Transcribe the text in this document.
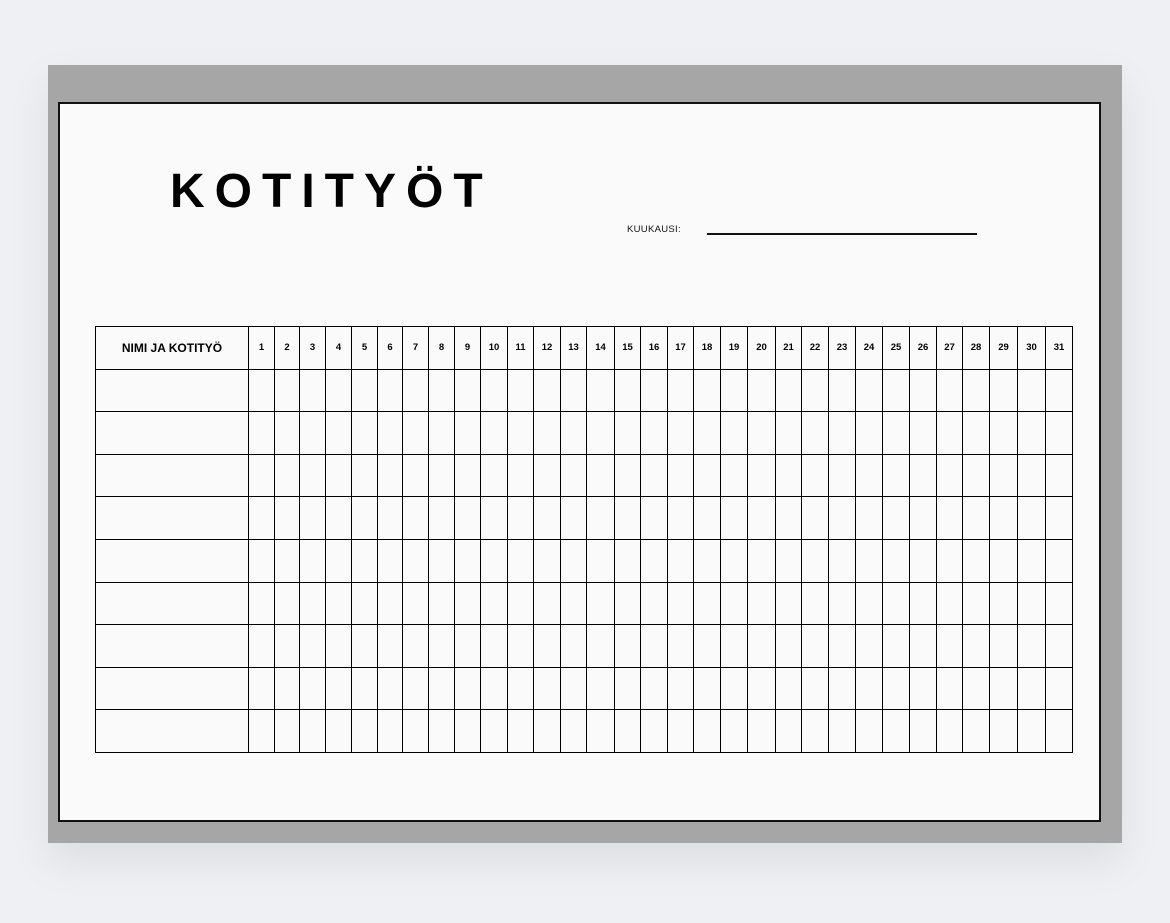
KOTITYÖT
KUUKAUSI:
NIMI JA KOTITYÖ	1	2	3	4	5	6	7	8	9	10	11	12	13	14	15	16	17	18	19	20	21	22	23	24	25	26	27	28	29	30	31
